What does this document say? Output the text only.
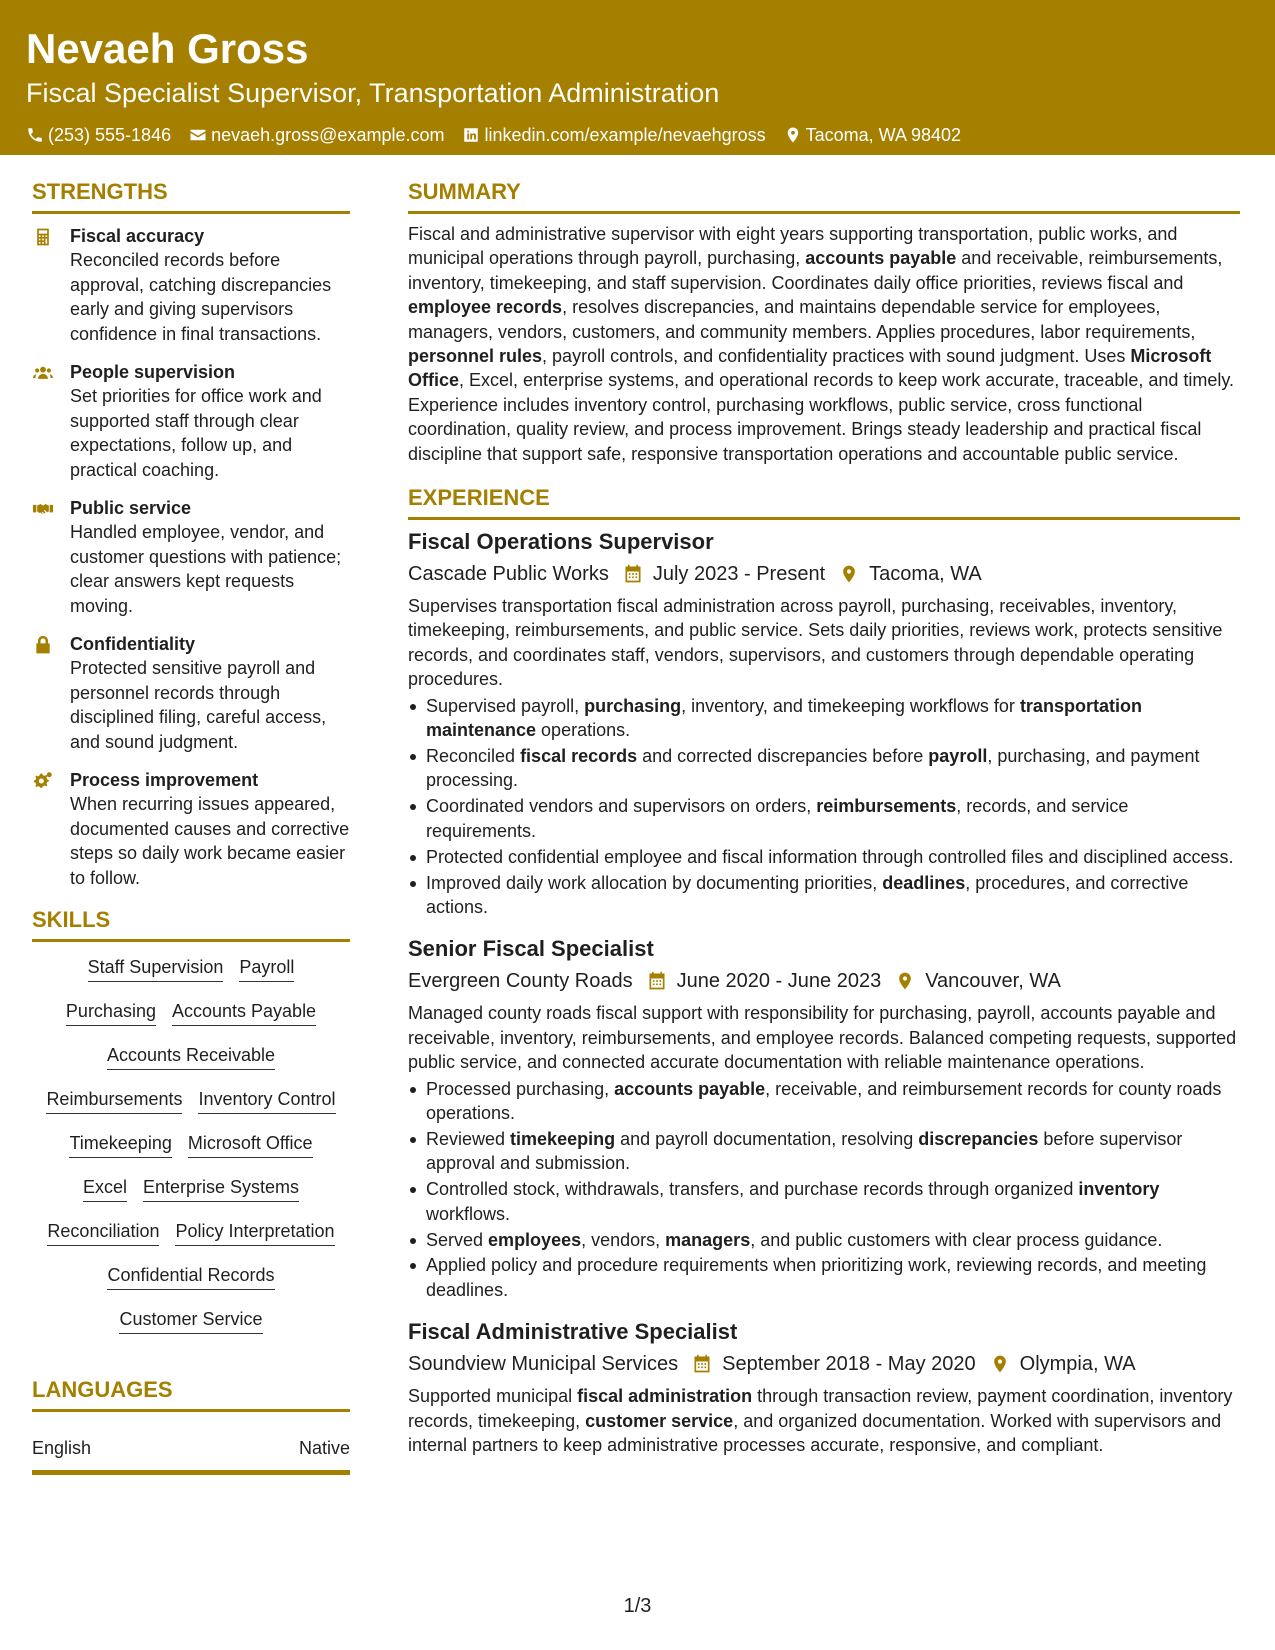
Nevaeh Gross
Fiscal Specialist Supervisor, Transportation Administration
(253) 555-1846 nevaeh.gross@example.com linkedin.com/example/nevaehgross Tacoma, WA 98402
STRENGTHS
Fiscal accuracy
Reconciled records before approval, catching discrepancies early and giving supervisors confidence in final transactions.
People supervision
Set priorities for office work and supported staff through clear expectations, follow up, and practical coaching.
Public service
Handled employee, vendor, and customer questions with patience; clear answers kept requests moving.
Confidentiality
Protected sensitive payroll and personnel records through disciplined filing, careful access, and sound judgment.
Process improvement
When recurring issues appeared, documented causes and corrective steps so daily work became easier to follow.
SKILLS
Staff Supervision Payroll
Purchasing Accounts Payable
Accounts Receivable
Reimbursements Inventory Control
Timekeeping Microsoft Office
Excel Enterprise Systems
Reconciliation Policy Interpretation
Confidential Records
Customer Service
LANGUAGES
English	Native
SUMMARY
Fiscal and administrative supervisor with eight years supporting transportation, public works, and municipal operations through payroll, purchasing, accounts payable and receivable, reimbursements, inventory, timekeeping, and staff supervision. Coordinates daily office priorities, reviews fiscal and employee records, resolves discrepancies, and maintains dependable service for employees, managers, vendors, customers, and community members. Applies procedures, labor requirements, personnel rules, payroll controls, and confidentiality practices with sound judgment. Uses Microsoft Office, Excel, enterprise systems, and operational records to keep work accurate, traceable, and timely. Experience includes inventory control, purchasing workflows, public service, cross functional coordination, quality review, and process improvement. Brings steady leadership and practical fiscal discipline that support safe, responsive transportation operations and accountable public service.
EXPERIENCE
Fiscal Operations Supervisor
Cascade Public Works July 2023 - Present Tacoma, WA
Supervises transportation fiscal administration across payroll, purchasing, receivables, inventory, timekeeping, reimbursements, and public service. Sets daily priorities, reviews work, protects sensitive records, and coordinates staff, vendors, supervisors, and customers through dependable operating procedures.
Supervised payroll, purchasing, inventory, and timekeeping workflows for transportation maintenance operations.
Reconciled fiscal records and corrected discrepancies before payroll, purchasing, and payment processing.
Coordinated vendors and supervisors on orders, reimbursements, records, and service requirements.
Protected confidential employee and fiscal information through controlled files and disciplined access.
Improved daily work allocation by documenting priorities, deadlines, procedures, and corrective actions.
Senior Fiscal Specialist
Evergreen County Roads June 2020 - June 2023 Vancouver, WA
Managed county roads fiscal support with responsibility for purchasing, payroll, accounts payable and receivable, inventory, reimbursements, and employee records. Balanced competing requests, supported public service, and connected accurate documentation with reliable maintenance operations.
Processed purchasing, accounts payable, receivable, and reimbursement records for county roads operations.
Reviewed timekeeping and payroll documentation, resolving discrepancies before supervisor approval and submission.
Controlled stock, withdrawals, transfers, and purchase records through organized inventory workflows.
Served employees, vendors, managers, and public customers with clear process guidance.
Applied policy and procedure requirements when prioritizing work, reviewing records, and meeting deadlines.
Fiscal Administrative Specialist
Soundview Municipal Services September 2018 - May 2020 Olympia, WA
Supported municipal fiscal administration through transaction review, payment coordination, inventory records, timekeeping, customer service, and organized documentation. Worked with supervisors and internal partners to keep administrative processes accurate, responsive, and compliant.
1/3
